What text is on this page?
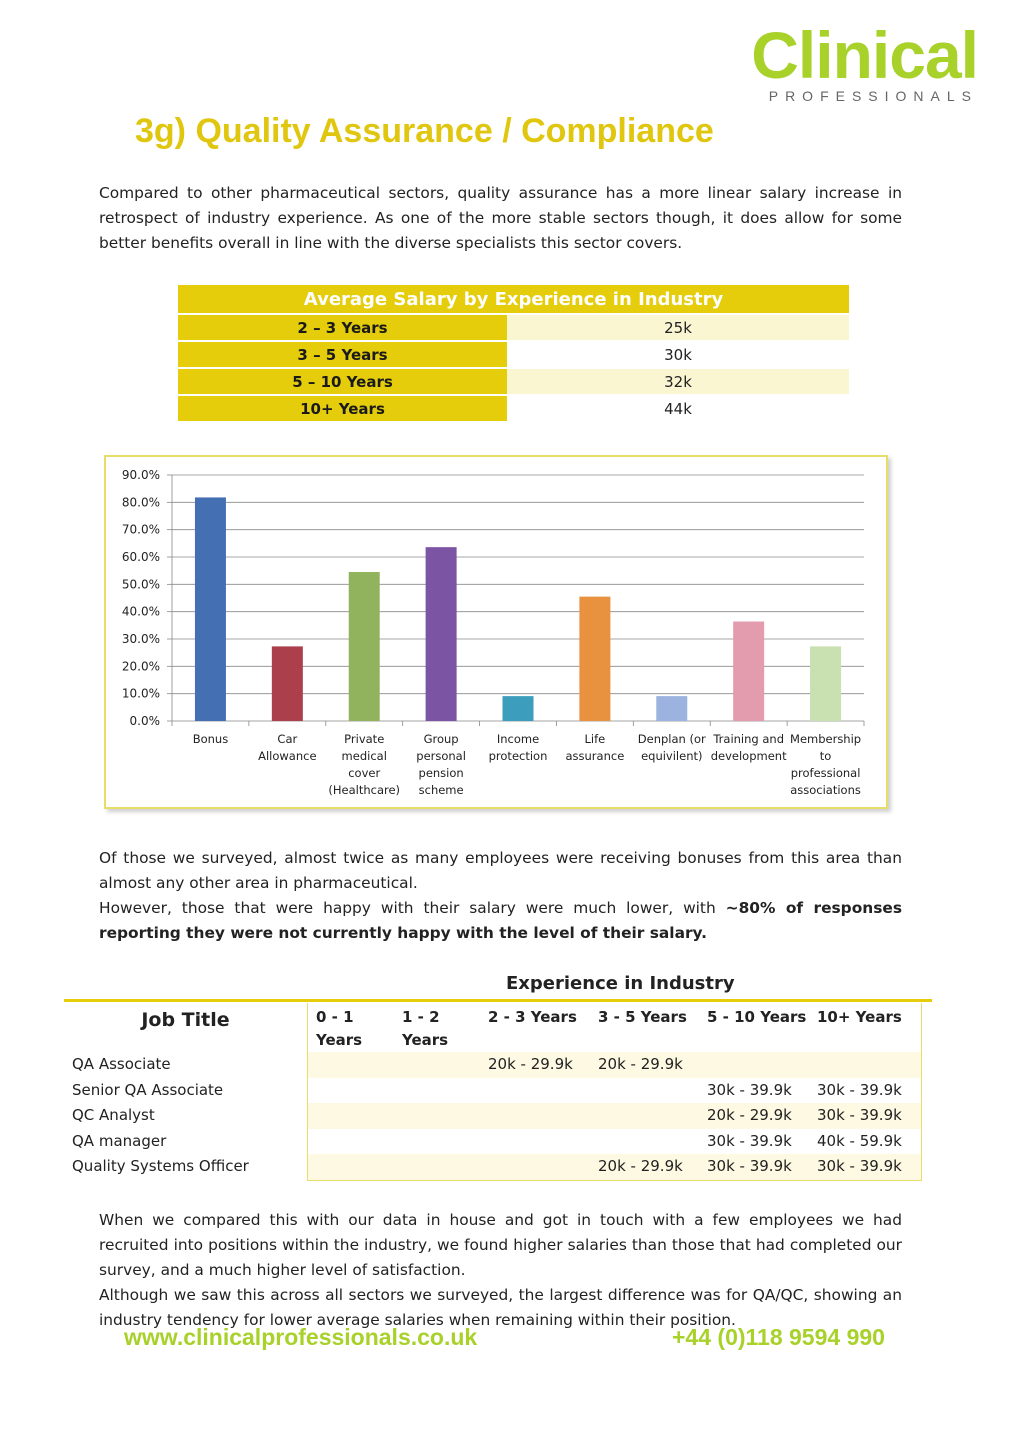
Clinical
PROFESSIONALS
3g) Quality Assurance / Compliance

Compared to other pharmaceutical sectors, quality assurance has a more linear salary increase in retrospect of industry experience. As one of the more stable sectors though, it does allow for some better benefits overall in line with the diverse specialists this sector covers.

Average Salary by Experience in Industry	
2 – 3 Years	25k
3 – 5 Years	30k
5 – 10 Years	32k
10+ Years	44k
0.0%
10.0%
20.0%
30.0%
40.0%
50.0%
60.0%
70.0%
80.0%
90.0%
Bonus	Car Allowance
Private medical cover (Healthcare)
Group personal pension scheme
Income protection
Life assurance
Denplan (or equivilent)
Training and development
Membership to professional associations

Of those we surveyed, almost twice as many employees were receiving bonuses from this area than almost any other area in pharmaceutical.

However, those that were happy with their salary were much lower, with ~80% of responses reporting they were not currently happy with the level of their salary.

Experience in Industry
Job Title	0 - 1 Years	1 - 2 Years	2 - 3 Years	3 - 5 Years	5 - 10 Years	10+ Years
QA Associate			20k - 29.9k	20k - 29.9k		
Senior QA Associate					30k - 39.9k	30k - 39.9k
QC Analyst					20k - 29.9k	30k - 39.9k
QA manager					30k - 39.9k	40k - 59.9k
Quality Systems Officer				20k - 29.9k	30k - 39.9k	30k - 39.9k

When we compared this with our data in house and got in touch with a few employees we had recruited into positions within the industry, we found higher salaries than those that had completed our survey, and a much higher level of satisfaction.

Although we saw this across all sectors we surveyed, the largest difference was for QA/QC, showing an industry tendency for lower average salaries when remaining within their position.

www.clinicalprofessionals.co.uk	+44 (0)118 9594 990
